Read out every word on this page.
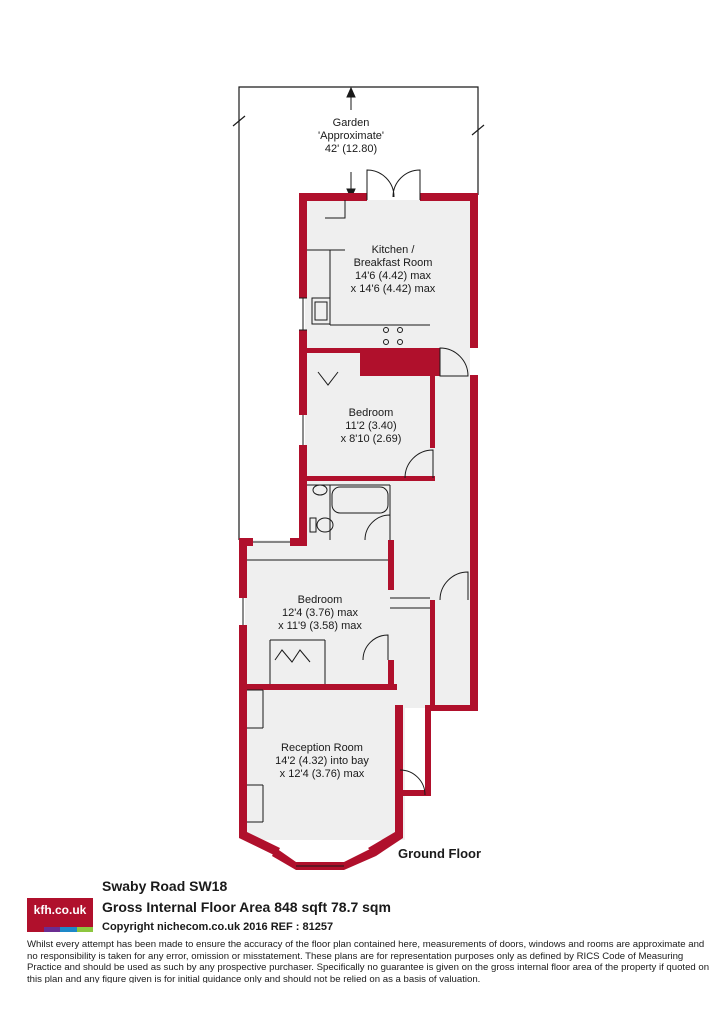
Garden
'Approximate'
42' (12.80)
Kitchen /
Breakfast Room
14'6 (4.42) max
x 14'6 (4.42) max
Bedroom
11'2 (3.40)
x 8'10 (2.69)
Bedroom
12'4 (3.76) max
x 11'9 (3.58) max
Reception Room
14'2 (4.32) into bay
x 12'4 (3.76) max
Ground Floor
kfh.co.uk
Swaby Road SW18
Gross Internal Floor Area 848 sqft 78.7 sqm
Copyright nichecom.co.uk 2016 REF : 81257
Whilst every attempt has been made to ensure the accuracy of the floor plan contained here, measurements of doors, windows and rooms are approximate and no responsibility is taken for any error, omission or misstatement. These plans are for representation purposes only as defined by RICS Code of Measuring Practice and should be used as such by any prospective purchaser. Specifically no guarantee is given on the gross internal floor area of the property if quoted on this plan and any figure given is for initial guidance only and should not be relied on as a basis of valuation.
